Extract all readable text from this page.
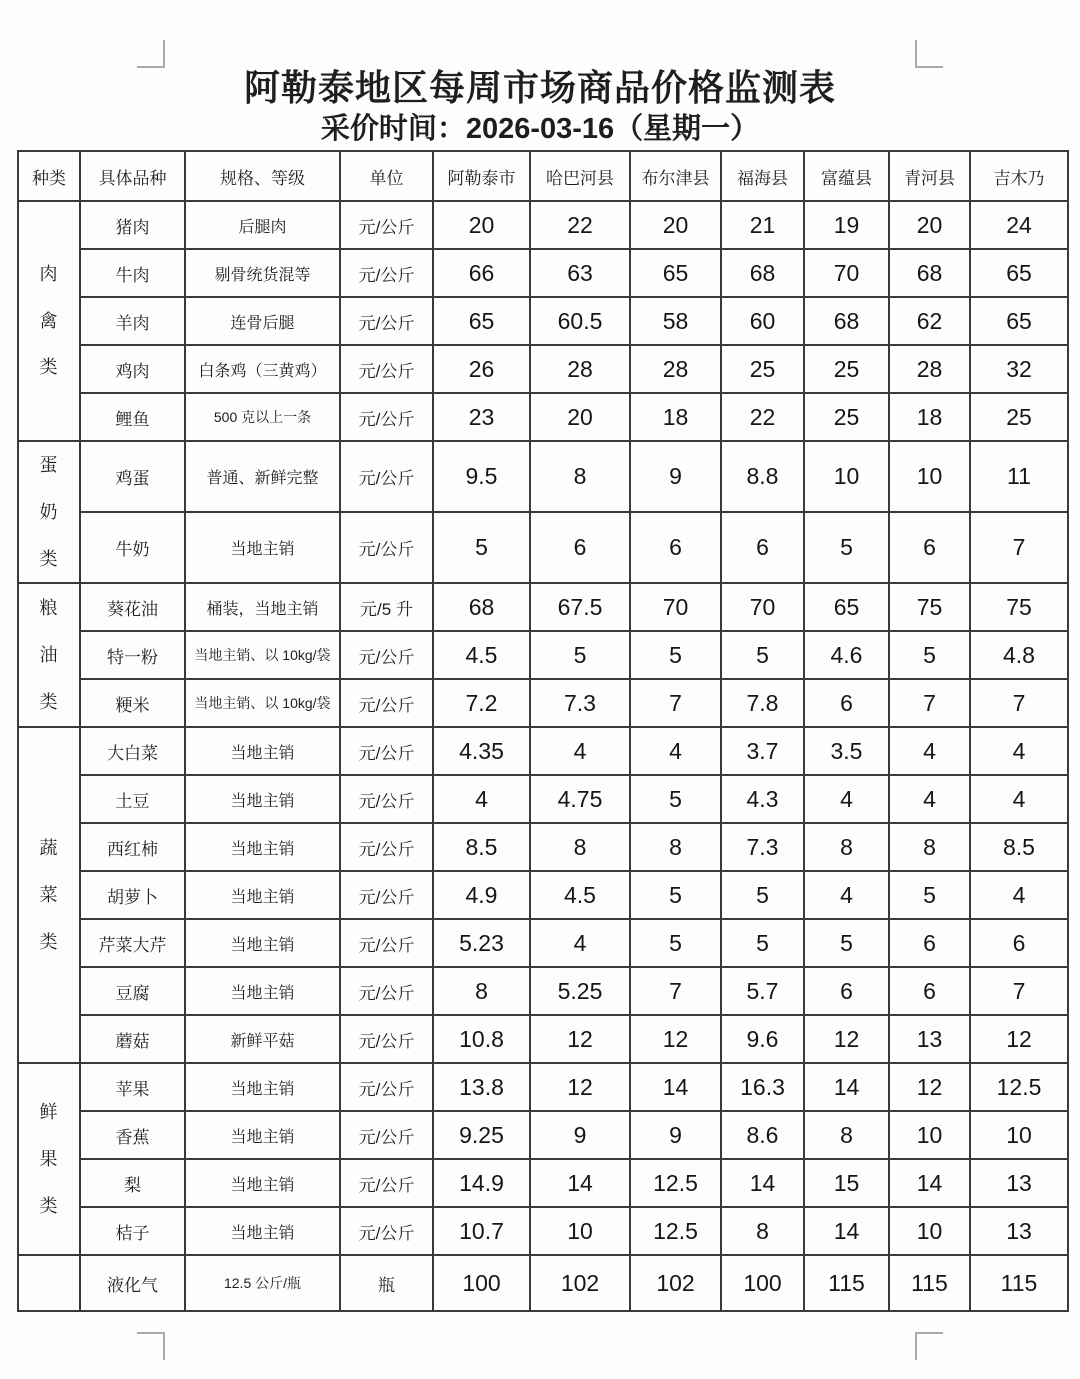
阿勒泰地区每周市场商品价格监测表
采价时间：2026-03-16（星期一）
种类	具体品种	规格、等级	单位	阿勒泰市	哈巴河县	布尔津县	福海县	富蕴县	青河县	吉木乃
肉禽类	猪肉	后腿肉	元/公斤	20	22	20	21	19	20	24
	牛肉	剔骨统货混等	元/公斤	66	63	65	68	70	68	65
	羊肉	连骨后腿	元/公斤	65	60.5	58	60	68	62	65
	鸡肉	白条鸡（三黄鸡）	元/公斤	26	28	28	25	25	28	32
	鲤鱼	500 克以上一条	元/公斤	23	20	18	22	25	18	25
蛋奶类	鸡蛋	普通、新鲜完整	元/公斤	9.5	8	9	8.8	10	10	11
	牛奶	当地主销	元/公斤	5	6	6	6	5	6	7
粮油类	葵花油	桶装，当地主销	元/5 升	68	67.5	70	70	65	75	75
	特一粉	当地主销、以 10kg/袋	元/公斤	4.5	5	5	5	4.6	5	4.8
	粳米	当地主销、以 10kg/袋	元/公斤	7.2	7.3	7	7.8	6	7	7
蔬菜类	大白菜	当地主销	元/公斤	4.35	4	4	3.7	3.5	4	4
	土豆	当地主销	元/公斤	4	4.75	5	4.3	4	4	4
	西红柿	当地主销	元/公斤	8.5	8	8	7.3	8	8	8.5
	胡萝卜	当地主销	元/公斤	4.9	4.5	5	5	4	5	4
	芹菜大芹	当地主销	元/公斤	5.23	4	5	5	5	6	6
	豆腐	当地主销	元/公斤	8	5.25	7	5.7	6	6	7
	蘑菇	新鲜平菇	元/公斤	10.8	12	12	9.6	12	13	12
鲜果类	苹果	当地主销	元/公斤	13.8	12	14	16.3	14	12	12.5
	香蕉	当地主销	元/公斤	9.25	9	9	8.6	8	10	10
	梨	当地主销	元/公斤	14.9	14	12.5	14	15	14	13
	桔子	当地主销	元/公斤	10.7	10	12.5	8	14	10	13
	液化气	12.5 公斤/瓶	瓶	100	102	102	100	115	115	115
